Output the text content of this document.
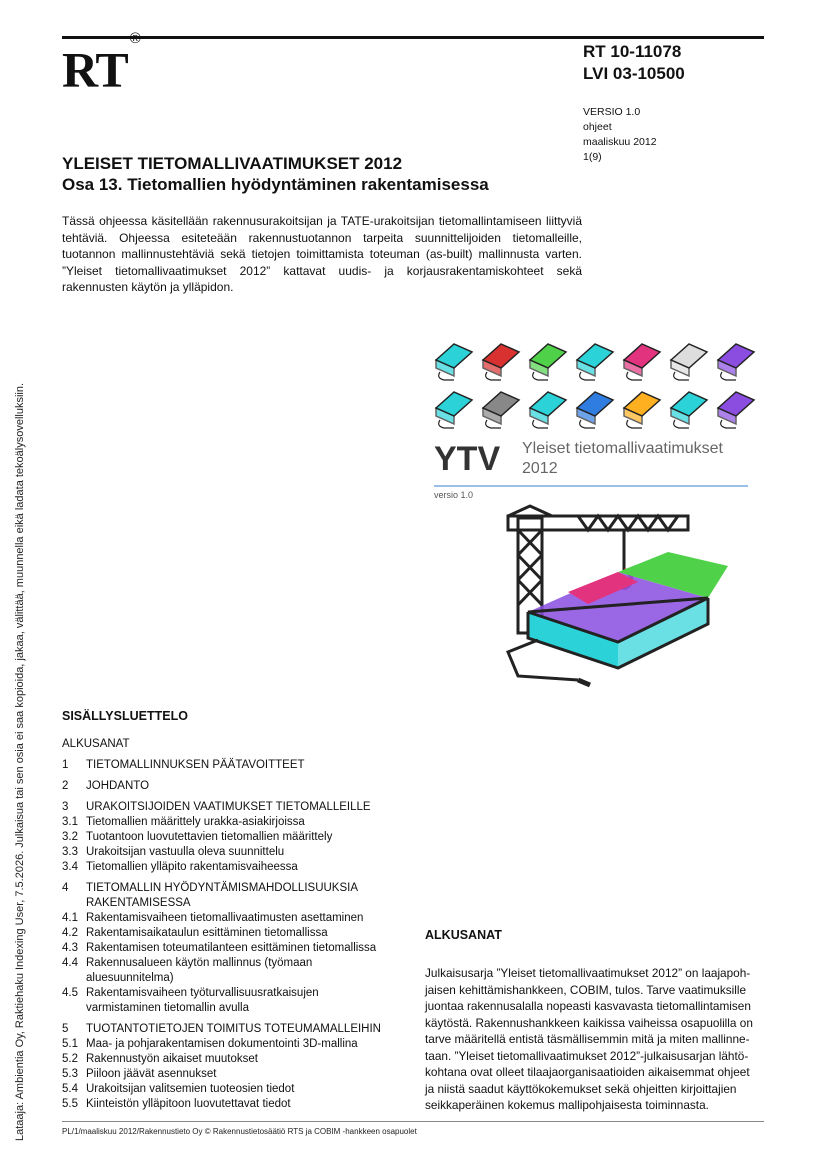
RT®
RT 10-11078
LVI 03-10500
VERSIO 1.0
ohjeet
maaliskuu 2012
1(9)
YLEISET TIETOMALLIVAATIMUKSET 2012
Osa 13. Tietomallien hyödyntäminen rakentamisessa
Tässä ohjeessa käsitellään rakennusurakoitsijan ja TATE-urakoitsijan tietomallintamiseen liittyviä tehtäviä. Ohjeessa esiteteään rakennustuotannon tarpeita suunnittelijoiden tietomalleille, tuotannon mallinnustehtäviä sekä tietojen toimittamista toteuman (as-built) mallinnusta varten. ”Yleiset tietomallivaatimukset 2012” kattavat uudis- ja korjausrakentamiskohteet sekä rakennusten käytön ja ylläpidon.
Lataaja: Ambientia Oy, Raktiehaku Indexing User, 7.5.2026. Julkaisua tai sen osia ei saa kopioida, jakaa, välittää, muunnella eikä ladata tekoälysovelluksiin.	YTV Yleiset tietomallivaatimukset
2012
versio 1.0
SISÄLLYSLUETTELO
ALKUSANAT
1	TIETOMALLINNUKSEN PÄÄTAVOITTEET
2	JOHDANTO
3	URAKOITSIJOIDEN VAATIMUKSET TIETOMALLEILLE
3.1 Tietomallien määrittely urakka-asiakirjoissa
3.2 Tuotantoon luovutettavien tietomallien määrittely
3.3 Urakoitsijan vastuulla oleva suunnittelu
3.4 Tietomallien ylläpito rakentamisvaiheessa
4	TIETOMALLIN HYÖDYNTÄMISMAHDOLLISUUKSIA
RAKENTAMISESSA
4.1 Rakentamisvaiheen tietomallivaatimusten asettaminen
4.2 Rakentamisaikataulun esittäminen tietomallissa
4.3 Rakentamisen toteumatilanteen esittäminen tietomallissa
4.4 Rakennusalueen käytön mallinnus (työmaan
aluesuunnitelma)
4.5 Rakentamisvaiheen työturvallisuusratkaisujen
varmistaminen tietomallin avulla
5	TUOTANTOTIETOJEN TOIMITUS TOTEUMAMALLEIHIN
5.1 Maa- ja pohjarakentamisen dokumentointi 3D-mallina
5.2 Rakennustyön aikaiset muutokset
5.3 Piiloon jäävät asennukset
5.4 Urakoitsijan valitsemien tuoteosien tiedot
5.5 Kiinteistön ylläpitoon luovutettavat tiedot
ALKUSANAT
Julkaisusarja ”Yleiset tietomallivaatimukset 2012” on laajapoh-
jaisen kehittämishankkeen, COBIM, tulos. Tarve vaatimuksille
juontaa rakennusalalla nopeasti kasvavasta tietomallintamisen
käytöstä. Rakennushankkeen kaikissa vaiheissa osapuolilla on
tarve määritellä entistä täsmällisemmin mitä ja miten mallinne-
taan. ”Yleiset tietomallivaatimukset 2012”-julkaisusarjan lähtö-
kohtana ovat olleet tilaajaorganisaatioiden aikaisemmat ohjeet
ja niistä saadut käyttökokemukset sekä ohjeitten kirjoittajien
seikkaperäinen kokemus mallipohjaisesta toiminnasta.
PL/1/maaliskuu 2012/Rakennustieto Oy © Rakennustietosäätiö RTS ja COBIM -hankkeen osapuolet
